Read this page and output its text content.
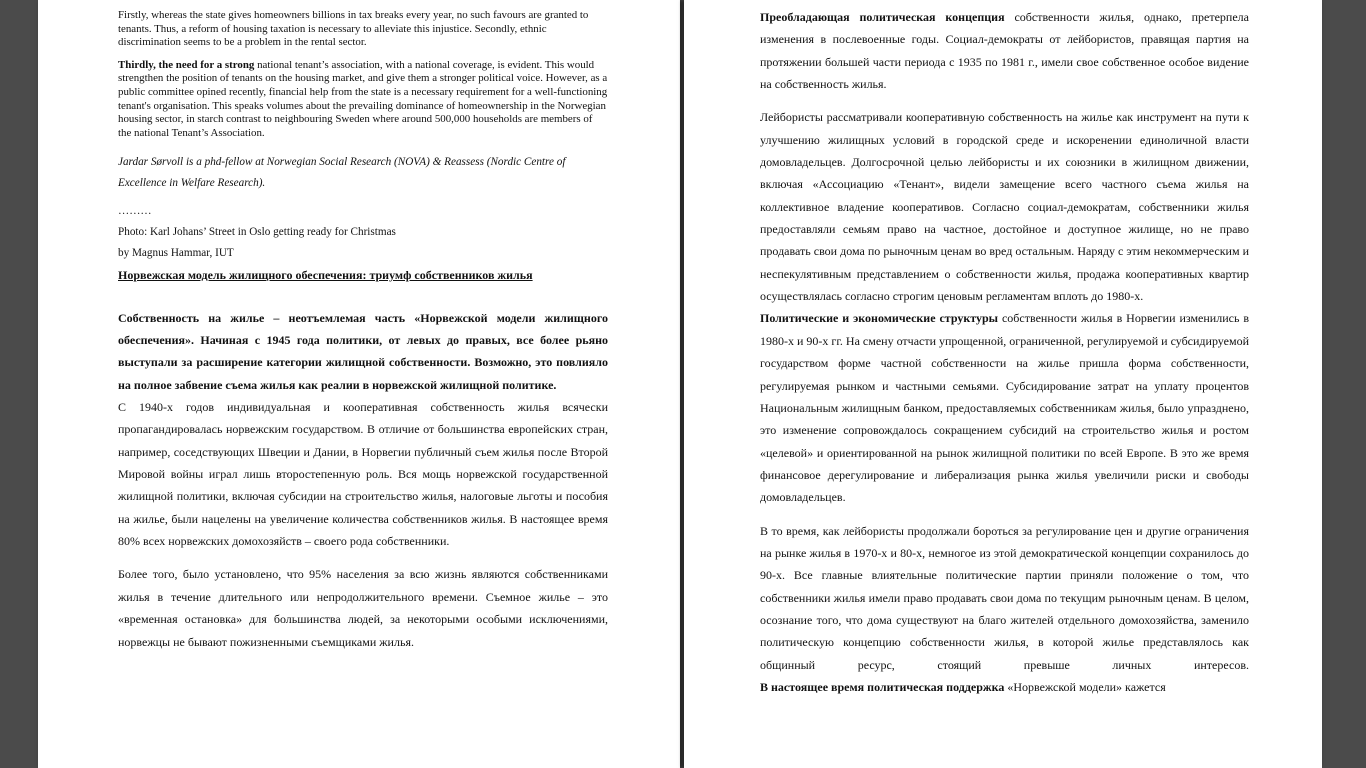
Firstly, whereas the state gives homeowners billions in tax breaks every year, no such favours are granted to tenants. Thus, a reform of housing taxation is necessary to alleviate this injustice. Secondly, ethnic discrimination seems to be a problem in the rental sector.

Thirdly, the need for a strong national tenant’s association, with a national coverage, is evident. This would strengthen the position of tenants on the housing market, and give them a stronger political voice. However, as a public committee opined recently, financial help from the state is a necessary requirement for a well-functioning tenant's organisation. This speaks volumes about the prevailing dominance of homeownership in the Norwegian housing sector, in starch contrast to neighbouring Sweden where around 500,000 households are members of the national Tenant’s Association.

Jardar Sørvoll is a phd-fellow at Norwegian Social Research (NOVA) & Reassess (Nordic Centre of Excellence in Welfare Research).

………

Photo: Karl Johans’ Street in Oslo getting ready for Christmas

by Magnus Hammar, IUT

Норвежская модель жилищного обеспечения: триумф собственников жилья

Собственность на жилье – неотъемлемая часть «Норвежской модели жилищного обеспечения». Начиная с 1945 года политики, от левых до правых, все более рьяно выступали за расширение категории жилищной собственности. Возможно, это повлияло на полное забвение съема жилья как реалии в норвежской жилищной политике.

С 1940-х годов индивидуальная и кооперативная собственность жилья всячески пропагандировалась норвежским государством. В отличие от большинства европейских стран, например, соседствующих Швеции и Дании, в Норвегии публичный съем жилья после Второй Мировой войны играл лишь второстепенную роль. Вся мощь норвежской государственной жилищной политики, включая субсидии на строительство жилья, налоговые льготы и пособия на жилье, были нацелены на увеличение количества собственников жилья. В настоящее время 80% всех норвежских домохозяйств – своего рода собственники.

Более того, было установлено, что 95% населения за всю жизнь являются собственниками жилья в течение длительного или непродолжительного времени. Съемное жилье – это «временная остановка» для большинства людей, за некоторыми особыми исключениями, норвежцы не бывают пожизненными съемщиками жилья.

Преобладающая политическая концепция собственности жилья, однако, претерпела изменения в послевоенные годы. Социал-демократы от лейбористов, правящая партия на протяжении большей части периода с 1935 по 1981 г., имели свое собственное особое видение на собственность жилья.

Лейбористы рассматривали кооперативную собственность на жилье как инструмент на пути к улучшению жилищных условий в городской среде и искоренении единоличной власти домовладельцев. Долгосрочной целью лейбористы и их союзники в жилищном движении, включая «Ассоциацию «Тенант», видели замещение всего частного съема жилья на коллективное владение кооперативов. Согласно социал-демократам, собственники жилья предоставляли семьям право на частное, достойное и доступное жилище, но не право продавать свои дома по рыночным ценам во вред остальным. Наряду с этим некоммерческим и неспекулятивным представлением о собственности жилья, продажа кооперативных квартир осуществлялась согласно строгим ценовым регламентам вплоть до 1980-х.

Политические и экономические структуры собственности жилья в Норвегии изменились в 1980-х и 90-х гг. На смену отчасти упрощенной, ограниченной, регулируемой и субсидируемой государством форме частной собственности на жилье пришла форма собственности, регулируемая рынком и частными семьями. Субсидирование затрат на уплату процентов Национальным жилищным банком, предоставляемых собственникам жилья, было упразднено, это изменение сопровождалось сокращением субсидий на строительство жилья и ростом «целевой» и ориентированной на рынок жилищной политики по всей Европе. В это же время финансовое дерегулирование и либерализация рынка жилья увеличили риски и свободы домовладельцев.

В то время, как лейбористы продолжали бороться за регулирование цен и другие ограничения на рынке жилья в 1970-х и 80-х, немногое из этой демократической концепции сохранилось до 90-х. Все главные влиятельные политические партии приняли положение о том, что собственники жилья имели право продавать свои дома по текущим рыночным ценам. В целом, осознание того, что дома существуют на благо жителей отдельного домохозяйства, заменило политическую концепцию собственности жилья, в которой жилье представлялось как общинный ресурс, стоящий превыше личных интересов.

В настоящее время политическая поддержка «Норвежской модели» кажется
